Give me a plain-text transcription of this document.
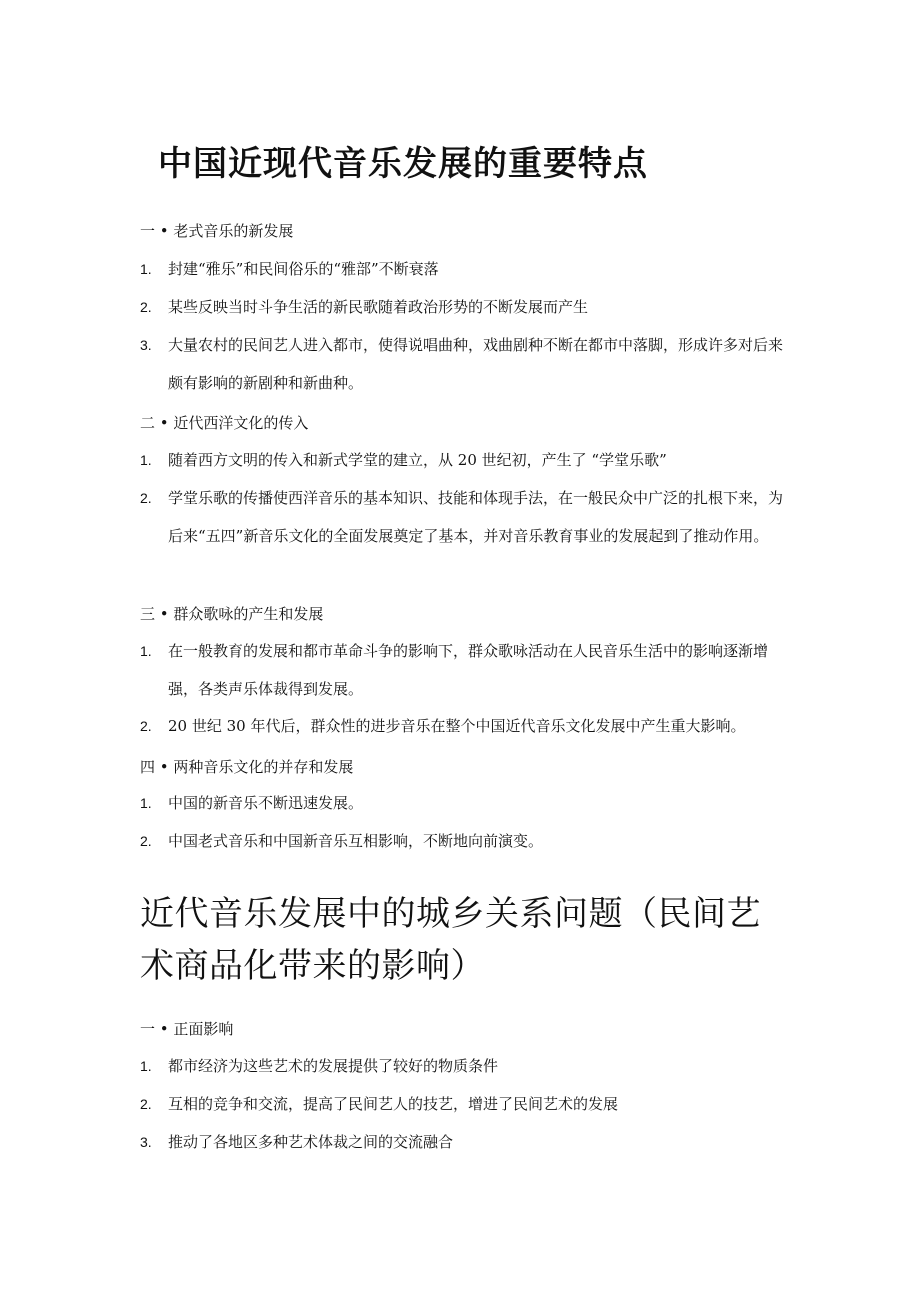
中国近现代音乐发展的重要特点
一 • 老式音乐的新发展
1. 封建“雅乐”和民间俗乐的“雅部”不断衰落
2. 某些反映当时斗争生活的新民歌随着政治形势的不断发展而产生
3. 大量农村的民间艺人进入都市，使得说唱曲种，戏曲剧种不断在都市中落脚，形成许多对后来颇有影响的新剧种和新曲种。
二 • 近代西洋文化的传入
1. 随着西方文明的传入和新式学堂的建立，从 20 世纪初，产生了 “学堂乐歌”
2. 学堂乐歌的传播使西洋音乐的基本知识、技能和体现手法，在一般民众中广泛的扎根下来，为后来“五四”新音乐文化的全面发展奠定了基本，并对音乐教育事业的发展起到了推动作用。
三 • 群众歌咏的产生和发展
1. 在一般教育的发展和都市革命斗争的影响下，群众歌咏活动在人民音乐生活中的影响逐渐增强，各类声乐体裁得到发展。
2. 20 世纪 30 年代后，群众性的进步音乐在整个中国近代音乐文化发展中产生重大影响。
四 • 两种音乐文化的并存和发展
1. 中国的新音乐不断迅速发展。
2. 中国老式音乐和中国新音乐互相影响，不断地向前演变。
近代音乐发展中的城乡关系问题（民间艺术商品化带来的影响）
一 • 正面影响
1. 都市经济为这些艺术的发展提供了较好的物质条件
2. 互相的竞争和交流，提高了民间艺人的技艺，增进了民间艺术的发展
3. 推动了各地区多种艺术体裁之间的交流融合
